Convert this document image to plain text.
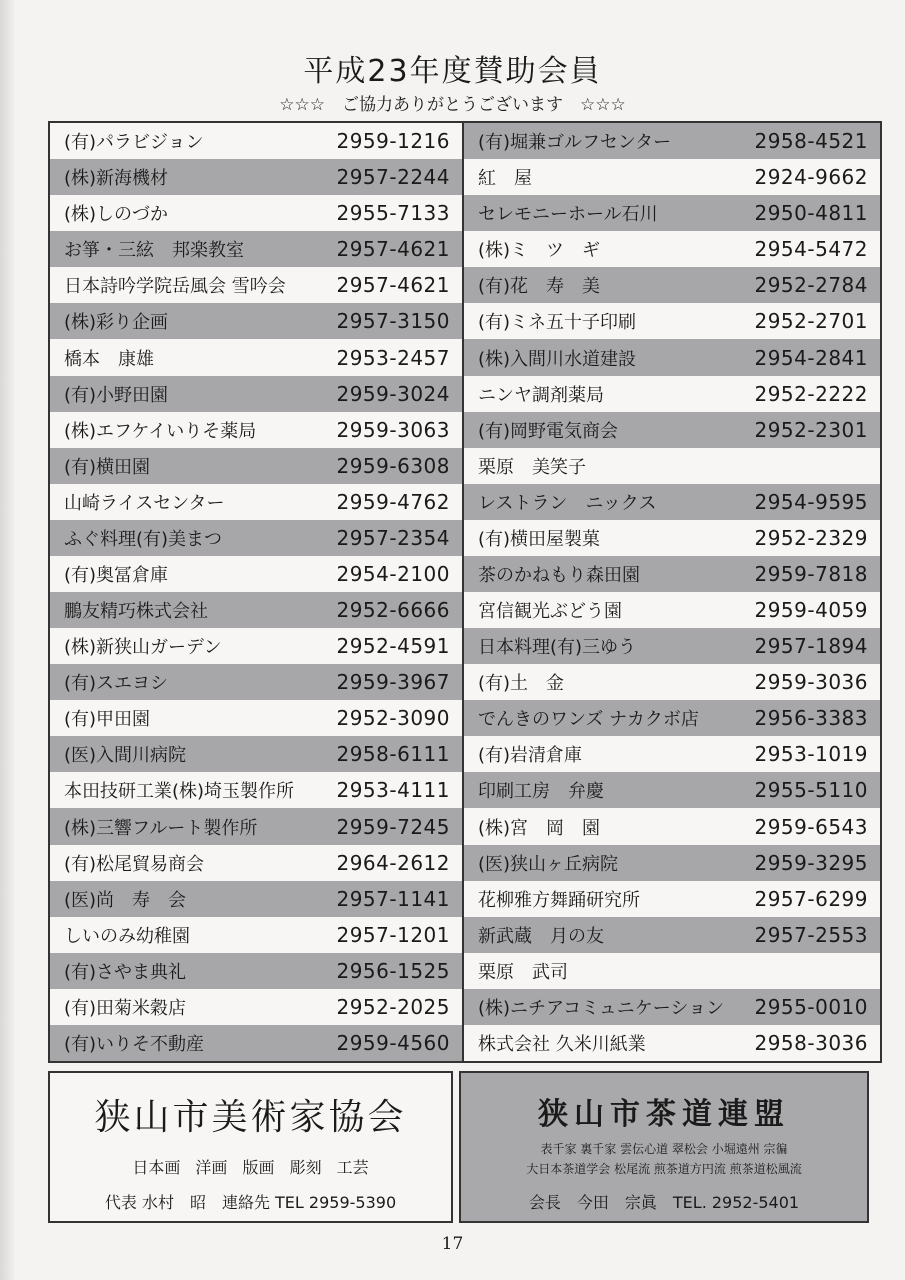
平成23年度賛助会員
☆☆☆　ご協力ありがとうございます　☆☆☆
(有)パラビジョン	2959-1216
(株)新海機材	2957-2244
(株)しのづか	2955-7133
お箏・三絃　邦楽教室	2957-4621
日本詩吟学院岳風会 雪吟会	2957-4621
(株)彩り企画	2957-3150
橋本　康雄	2953-2457
(有)小野田園	2959-3024
(株)エフケイいりそ薬局	2959-3063
(有)横田園	2959-6308
山崎ライスセンター	2959-4762
ふぐ料理(有)美まつ	2957-2354
(有)奥冨倉庫	2954-2100
鵬友精巧株式会社	2952-6666
(株)新狭山ガーデン	2952-4591
(有)スエヨシ	2959-3967
(有)甲田園	2952-3090
(医)入間川病院	2958-6111
本田技研工業(株)埼玉製作所 2953-4111
(株)三響フルート製作所	2959-7245
(有)松尾貿易商会	2964-2612
(医)尚　寿　会	2957-1141
しいのみ幼稚園	2957-1201
(有)さやま典礼	2956-1525
(有)田菊米穀店	2952-2025
(有)いりそ不動産	2959-4560
(有)堀兼ゴルフセンター	2958-4521
紅　屋	2924-9662
セレモニーホール石川	2950-4811
(株)ミ　ツ　ギ	2954-5472
(有)花　寿　美	2952-2784
(有)ミネ五十子印刷	2952-2701
(株)入間川水道建設	2954-2841
ニンヤ調剤薬局	2952-2222
(有)岡野電気商会	2952-2301
栗原　美笑子
レストラン　ニックス	2954-9595
(有)横田屋製菓	2952-2329
茶のかねもり森田園	2959-7818
宮信観光ぶどう園	2959-4059
日本料理(有)三ゆう	2957-1894
(有)土　金	2959-3036
でんきのワンズ ナカクボ店	2956-3383
(有)岩清倉庫	2953-1019
印刷工房　弁慶	2955-5110
(株)宮　岡　園	2959-6543
(医)狭山ヶ丘病院	2959-3295
花柳雅方舞踊研究所	2957-6299
新武蔵　月の友	2957-2553
栗原　武司
(株)ニチアコミュニケーション 2955-0010
株式会社 久米川紙業	2958-3036
狭山市美術家協会
日本画 洋画 版画 彫刻 工芸
代表 水村　昭　連絡先 TEL 2959-5390
狭山市茶道連盟
表千家 裏千家 雲伝心道 翠松会 小堀遠州 宗徧
大日本茶道学会 松尾流 煎茶道方円流 煎茶道松風流
会長　今田　宗眞　TEL. 2952-5401
17
